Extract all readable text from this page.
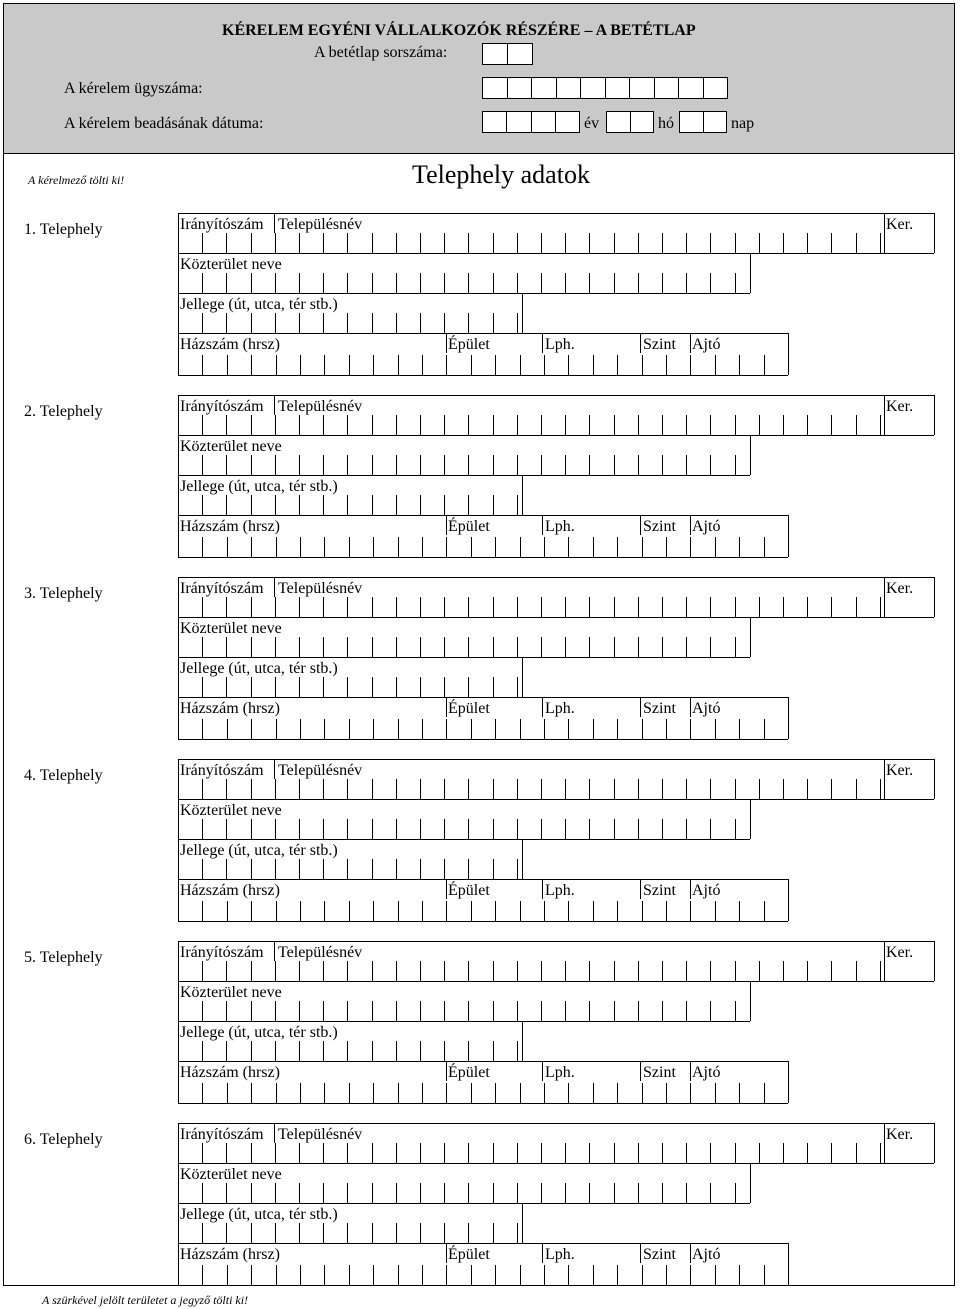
KÉRELEM EGYÉNI VÁLLALKOZÓK RÉSZÉRE – A BETÉTLAP
A betétlap sorszáma:
A kérelem ügyszáma:
A kérelem beadásának dátuma:	év	hó	nap
A kérelmező tölti ki!	Telephely adatok
1. Telephely	Irányítószám Településnév	Ker.
Közterület neve
Jellege (út, utca, tér stb.)
Házszám (hrsz)	Épület	Lph.	Szint Ajtó
2. Telephely	Irányítószám Településnév	Ker.
Közterület neve
Jellege (út, utca, tér stb.)
Házszám (hrsz)	Épület	Lph.	Szint Ajtó
3. Telephely	Irányítószám Településnév	Ker.
Közterület neve
Jellege (út, utca, tér stb.)
Házszám (hrsz)	Épület	Lph.	Szint Ajtó
4. Telephely	Irányítószám Településnév	Ker.
Közterület neve
Jellege (út, utca, tér stb.)
Házszám (hrsz)	Épület	Lph.	Szint Ajtó
5. Telephely	Irányítószám Településnév	Ker.
Közterület neve
Jellege (út, utca, tér stb.)
Házszám (hrsz)	Épület	Lph.	Szint Ajtó
6. Telephely	Irányítószám Településnév	Ker.
Közterület neve
Jellege (út, utca, tér stb.)
Házszám (hrsz)	Épület	Lph.	Szint Ajtó
A szürkével jelölt területet a jegyző tölti ki!
